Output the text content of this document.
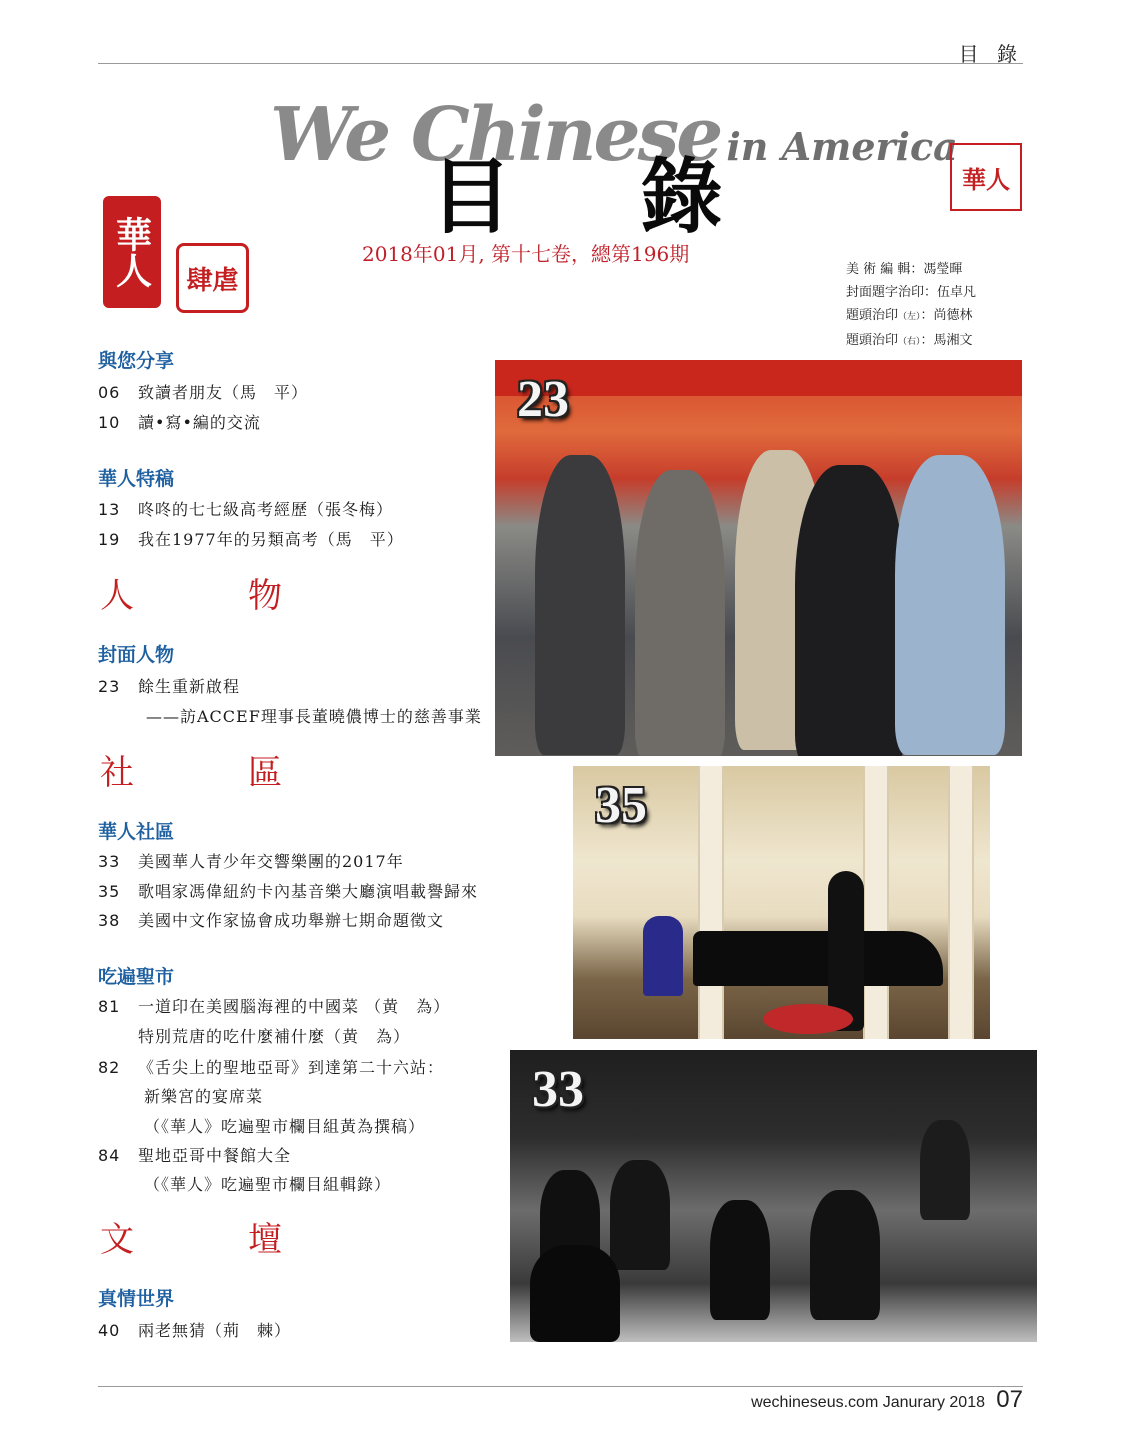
目 錄
We Chinese in America
目 錄
2018年01月, 第十七卷，總第196期
華人	肆虐
華人
美 術 編 輯：馮瑩暉
封面題字治印：伍卓凡
題頭治印（左）：尚德林
題頭治印（右）：馬湘文
與您分享
06 致讀者朋友（馬　平）
10 讀•寫•編的交流
華人特稿
13 咚咚的七七級高考經歷（張冬梅）
19 我在1977年的另類高考（馬　平）
人　物
封面人物
23 餘生重新啟程
——訪ACCEF理事長董曉儂博士的慈善事業
社　區
華人社區
33 美國華人青少年交響樂團的2017年
35 歌唱家馮偉紐約卡內基音樂大廳演唱載譽歸來
38 美國中文作家協會成功舉辦七期命題徵文
吃遍聖市
81 一道印在美國腦海裡的中國菜 （黄　為）
特別荒唐的吃什麼補什麼（黄　為）
82 《舌尖上的聖地亞哥》到達第二十六站：
新樂宮的宴席菜
（《華人》吃遍聖市欄目組黃為撰稿）
84 聖地亞哥中餐館大全
（《華人》吃遍聖市欄目組輯錄）
文　壇
真情世界
40 兩老無猜（荊　棘）
23
35
33
wechineseus.com Janurary 2018 07
